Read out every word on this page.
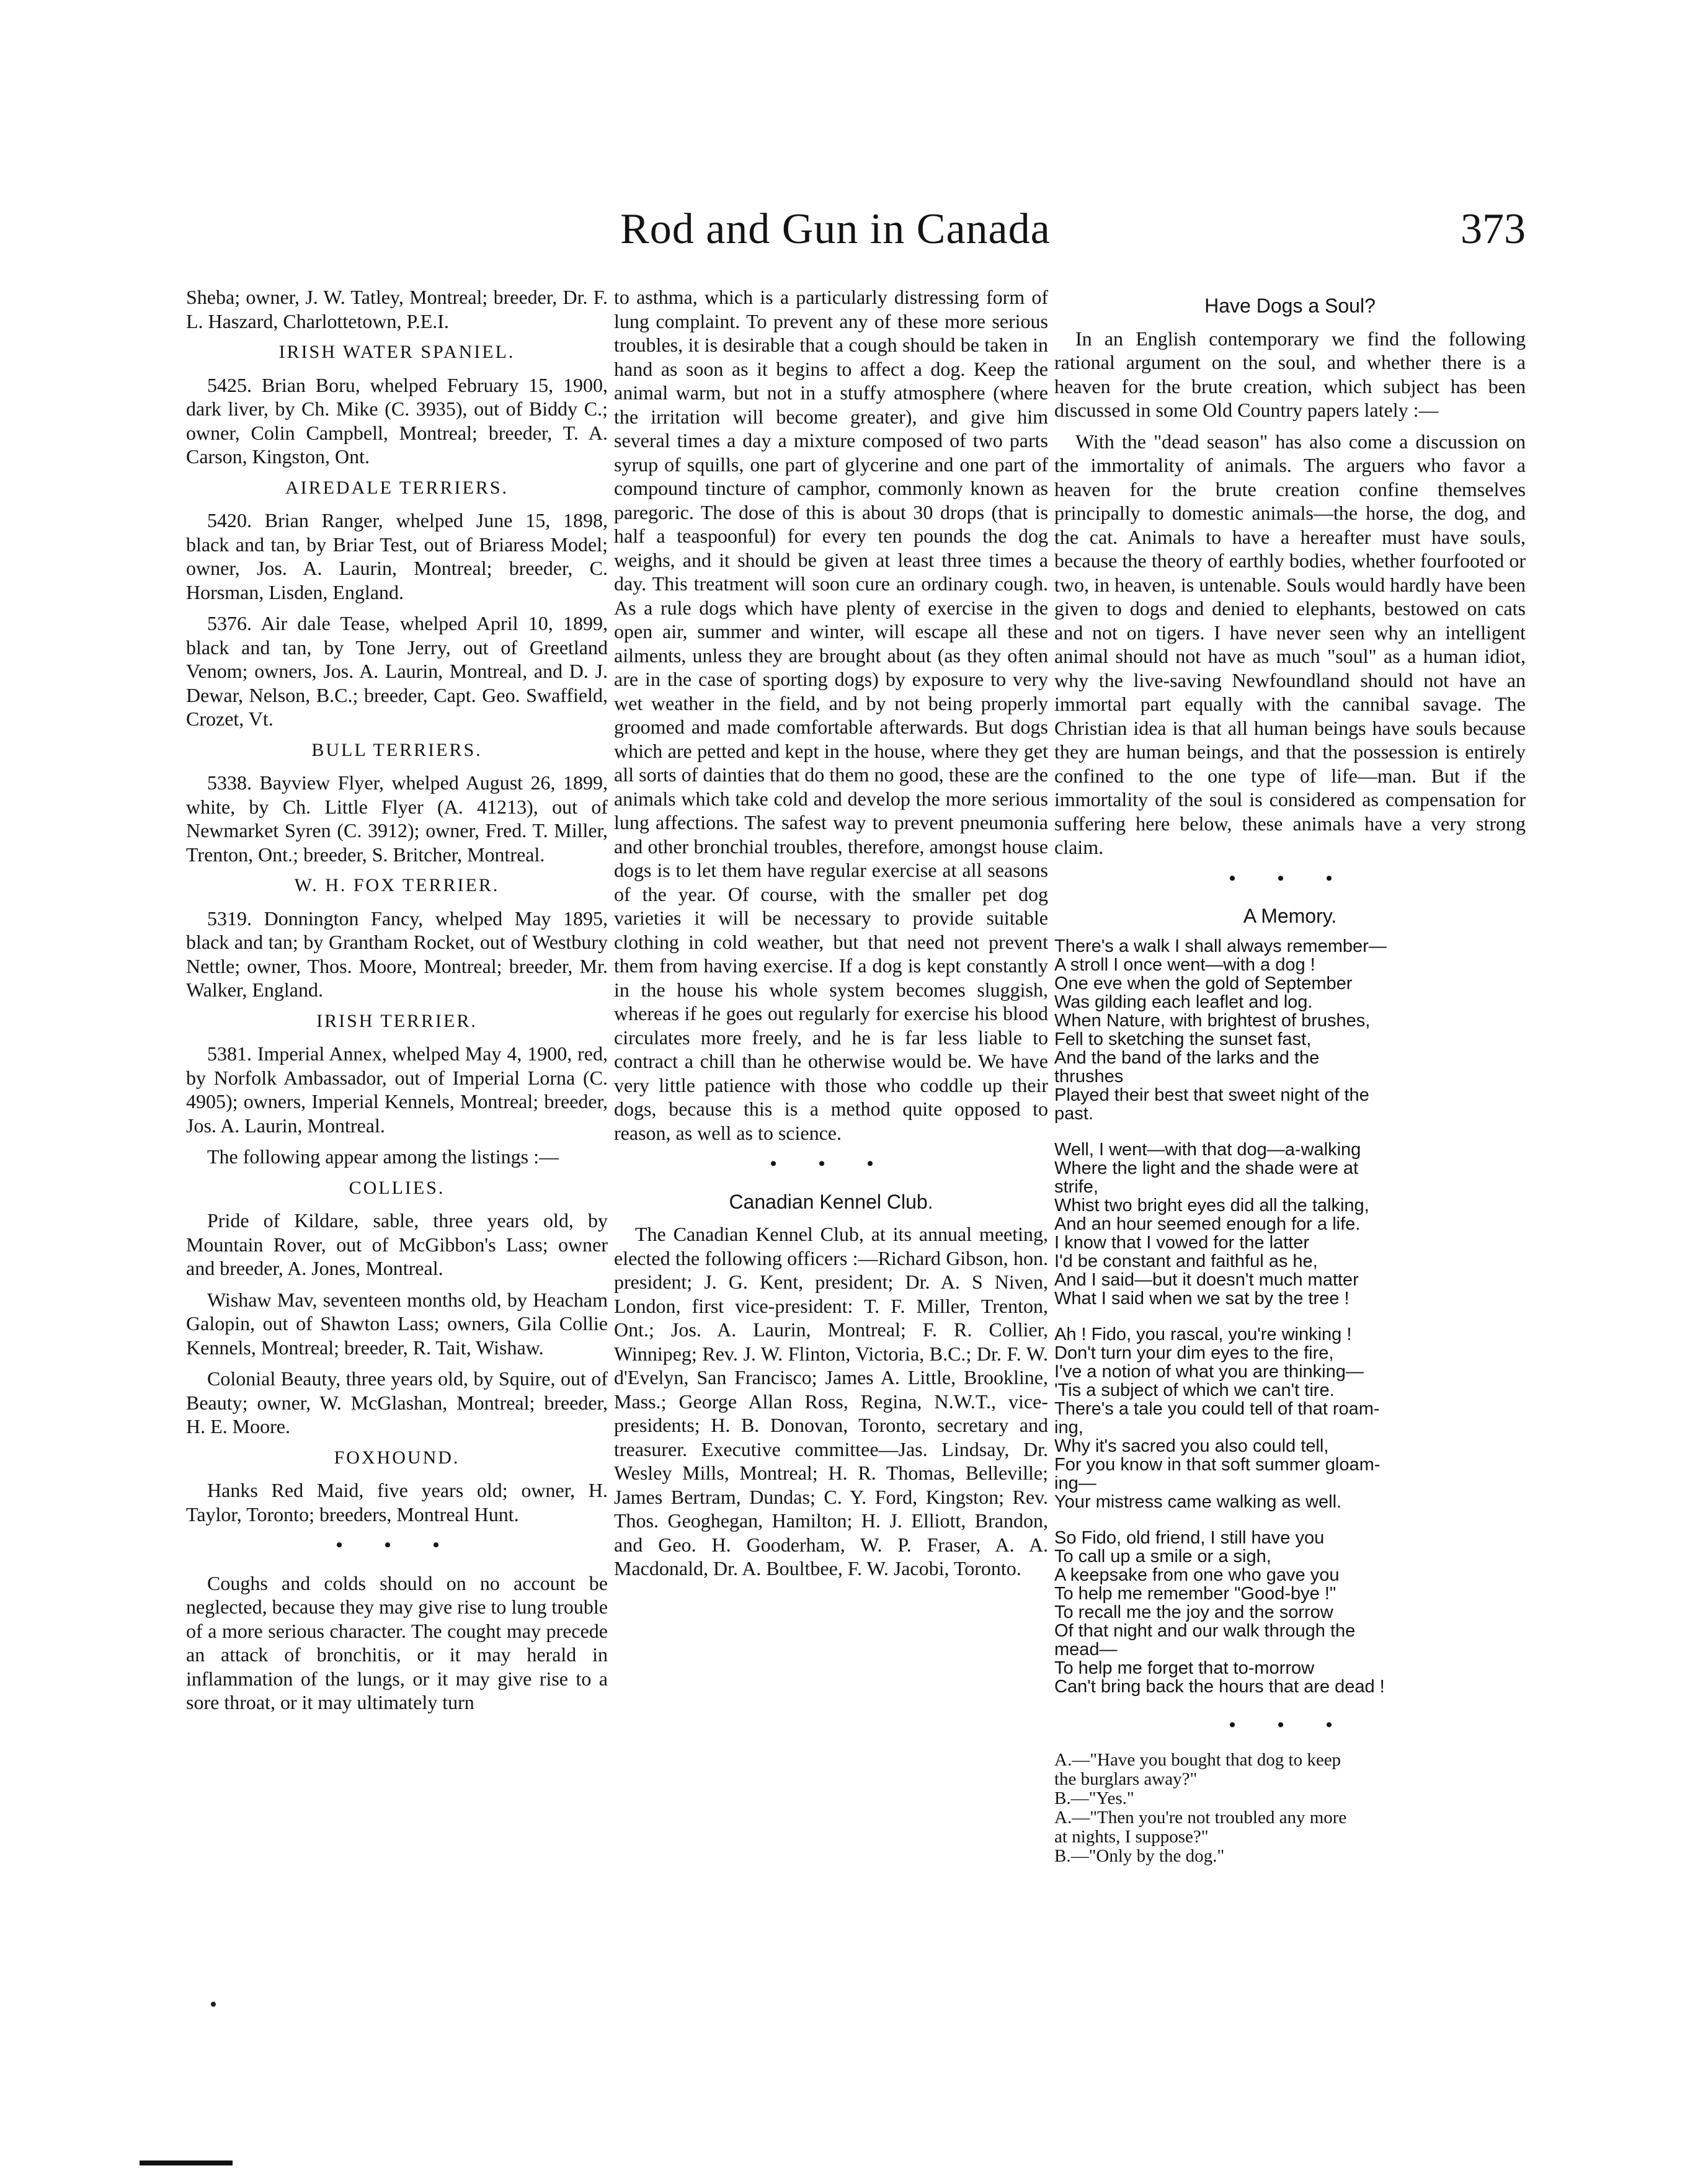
Rod and Gun in Canada	373

Sheba; owner, J. W. Tatley, Montreal; breeder, Dr. F. L. Haszard, Charlottetown, P.E.I.

IRISH WATER SPANIEL.

5425. Brian Boru, whelped February 15, 1900, dark liver, by Ch. Mike (C. 3935), out of Biddy C.; owner, Colin Campbell, Montreal; breeder, T. A. Carson, Kingston, Ont.

AIREDALE TERRIERS.

5420. Brian Ranger, whelped June 15, 1898, black and tan, by Briar Test, out of Briaress Model; owner, Jos. A. Laurin, Montreal; breeder, C. Horsman, Lisden, England.

5376. Air dale Tease, whelped April 10, 1899, black and tan, by Tone Jerry, out of Greetland Venom; owners, Jos. A. Laurin, Montreal, and D. J. Dewar, Nelson, B.C.; breeder, Capt. Geo. Swaffield, Crozet, Vt.

BULL TERRIERS.

5338. Bayview Flyer, whelped August 26, 1899, white, by Ch. Little Flyer (A. 41213), out of Newmarket Syren (C. 3912); owner, Fred. T. Miller, Trenton, Ont.; breeder, S. Britcher, Montreal.

W. H. FOX TERRIER.

5319. Donnington Fancy, whelped May 1895, black and tan; by Grantham Rocket, out of Westbury Nettle; owner, Thos. Moore, Montreal; breeder, Mr. Walker, England.

IRISH TERRIER.

5381. Imperial Annex, whelped May 4, 1900, red, by Norfolk Ambassador, out of Imperial Lorna (C. 4905); owners, Imperial Kennels, Montreal; breeder, Jos. A. Laurin, Montreal.

The following appear among the listings :—

COLLIES.

Pride of Kildare, sable, three years old, by Mountain Rover, out of McGibbon's Lass; owner and breeder, A. Jones, Montreal.

Wishaw Mav, seventeen months old, by Heacham Galopin, out of Shawton Lass; owners, Gila Collie Kennels, Montreal; breeder, R. Tait, Wishaw.

Colonial Beauty, three years old, by Squire, out of Beauty; owner, W. McGlashan, Montreal; breeder, H. E. Moore.

FOXHOUND.

Hanks Red Maid, five years old; owner, H. Taylor, Toronto; breeders, Montreal Hunt.

• • •

Coughs and colds should on no account be neglected, because they may give rise to lung trouble of a more serious character. The cought may precede an attack of bronchitis, or it may herald in inflammation of the lungs, or it may give rise to a sore throat, or it may ultimately turn

to asthma, which is a particularly distressing form of lung complaint. To prevent any of these more serious troubles, it is desirable that a cough should be taken in hand as soon as it begins to affect a dog. Keep the animal warm, but not in a stuffy atmosphere (where the irritation will become greater), and give him several times a day a mixture composed of two parts syrup of squills, one part of glycerine and one part of compound tincture of camphor, commonly known as paregoric. The dose of this is about 30 drops (that is half a teaspoonful) for every ten pounds the dog weighs, and it should be given at least three times a day. This treatment will soon cure an ordinary cough. As a rule dogs which have plenty of exercise in the open air, summer and winter, will escape all these ailments, unless they are brought about (as they often are in the case of sporting dogs) by exposure to very wet weather in the field, and by not being properly groomed and made comfortable afterwards. But dogs which are petted and kept in the house, where they get all sorts of dainties that do them no good, these are the animals which take cold and develop the more serious lung affections. The safest way to prevent pneumonia and other bronchial troubles, therefore, amongst house dogs is to let them have regular exercise at all seasons of the year. Of course, with the smaller pet dog varieties it will be necessary to provide suitable clothing in cold weather, but that need not prevent them from having exercise. If a dog is kept constantly in the house his whole system becomes sluggish, whereas if he goes out regularly for exercise his blood circulates more freely, and he is far less liable to contract a chill than he otherwise would be. We have very little patience with those who coddle up their dogs, because this is a method quite opposed to reason, as well as to science.

• • •
Canadian Kennel Club.

The Canadian Kennel Club, at its annual meeting, elected the following officers :—Richard Gibson, hon. president; J. G. Kent, president; Dr. A. S Niven, London, first vice-president: T. F. Miller, Trenton, Ont.; Jos. A. Laurin, Montreal; F. R. Collier, Winnipeg; Rev. J. W. Flinton, Victoria, B.C.; Dr. F. W. d'Evelyn, San Francisco; James A. Little, Brookline, Mass.; George Allan Ross, Regina, N.W.T., vice-presidents; H. B. Donovan, Toronto, secretary and treasurer. Executive committee—Jas. Lindsay, Dr. Wesley Mills, Montreal; H. R. Thomas, Belleville; James Bertram, Dundas; C. Y. Ford, Kingston; Rev. Thos. Geoghegan, Hamilton; H. J. Elliott, Brandon, and Geo. H. Gooderham, W. P. Fraser, A. A. Macdonald, Dr. A. Boultbee, F. W. Jacobi, Toronto.

Have Dogs a Soul?

In an English contemporary we find the following rational argument on the soul, and whether there is a heaven for the brute creation, which subject has been discussed in some Old Country papers lately :—

With the "dead season" has also come a discussion on the immortality of animals. The arguers who favor a heaven for the brute creation confine themselves principally to domestic animals—the horse, the dog, and the cat. Animals to have a hereafter must have souls, because the theory of earthly bodies, whether fourfooted or two, in heaven, is untenable. Souls would hardly have been given to dogs and denied to elephants, bestowed on cats and not on tigers. I have never seen why an intelligent animal should not have as much "soul" as a human idiot, why the live-saving Newfoundland should not have an immortal part equally with the cannibal savage. The Christian idea is that all human beings have souls because they are human beings, and that the possession is entirely confined to the one type of life—man. But if the immortality of the soul is considered as compensation for suffering here below, these animals have a very strong claim.

• • •
A Memory.
There's a walk I shall always remember—
A stroll I once went—with a dog !
One eve when the gold of September
Was gilding each leaflet and log.
When Nature, with brightest of brushes,
Fell to sketching the sunset fast,
And the band of the larks and the
thrushes
Played their best that sweet night of the
past.
Well, I went—with that dog—a-walking
Where the light and the shade were at
strife,
Whist two bright eyes did all the talking,
And an hour seemed enough for a life.
I know that I vowed for the latter
I'd be constant and faithful as he,
And I said—but it doesn't much matter
What I said when we sat by the tree !
Ah ! Fido, you rascal, you're winking !
Don't turn your dim eyes to the fire,
I've a notion of what you are thinking—
'Tis a subject of which we can't tire.
There's a tale you could tell of that roam-
ing,
Why it's sacred you also could tell,
For you know in that soft summer gloam-
ing—
Your mistress came walking as well.
So Fido, old friend, I still have you
To call up a smile or a sigh,
A keepsake from one who gave you
To help me remember "Good-bye !"
To recall me the joy and the sorrow
Of that night and our walk through the
mead—
To help me forget that to-morrow
Can't bring back the hours that are dead !
• • •
A.—"Have you bought that dog to keep
the burglars away?"
B.—"Yes."
A.—"Then you're not troubled any more
at nights, I suppose?"
B.—"Only by the dog."
